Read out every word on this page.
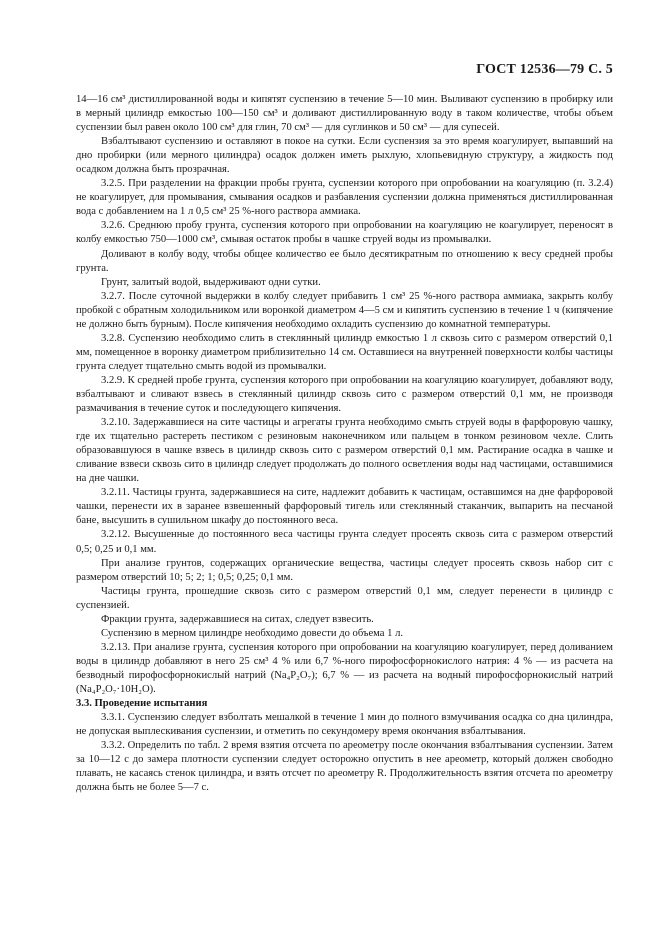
ГОСТ 12536—79 С. 5

14—16 см³ дистиллированной воды и кипятят суспензию в течение 5—10 мин. Выливают суспензию в пробирку или в мерный цилиндр емкостью 100—150 см³ и доливают дистиллированную воду в таком количестве, чтобы объем суспензии был равен около 100 см³ для глин, 70 см³ — для суглинков и 50 см³ — для супесей.

Взбалтывают суспензию и оставляют в покое на сутки. Если суспензия за это время коагулирует, выпавший на дно пробирки (или мерного цилиндра) осадок должен иметь рыхлую, хлопьевидную структуру, а жидкость под осадком должна быть прозрачная.

3.2.5. При разделении на фракции пробы грунта, суспензии которого при опробовании на коагуляцию (п. 3.2.4) не коагулирует, для промывания, смывания осадков и разбавления суспензии должна применяться дистиллированная вода с добавлением на 1 л 0,5 см³ 25 %-ного раствора аммиака.

3.2.6. Среднюю пробу грунта, суспензия которого при опробовании на коагуляцию не коагулирует, переносят в колбу емкостью 750—1000 см³, смывая остаток пробы в чашке струей воды из промывалки.

Доливают в колбу воду, чтобы общее количество ее было десятикратным по отношению к весу средней пробы грунта.

Грунт, залитый водой, выдерживают одни сутки.

3.2.7. После суточной выдержки в колбу следует прибавить 1 см³ 25 %-ного раствора аммиака, закрыть колбу пробкой с обратным холодильником или воронкой диаметром 4—5 см и кипятить суспензию в течение 1 ч (кипячение не должно быть бурным). После кипячения необходимо охладить суспензию до комнатной температуры.

3.2.8. Суспензию необходимо слить в стеклянный цилиндр емкостью 1 л сквозь сито с размером отверстий 0,1 мм, помещенное в воронку диаметром приблизительно 14 см. Оставшиеся на внутренней поверхности колбы частицы грунта следует тщательно смыть водой из промывалки.

3.2.9. К средней пробе грунта, суспензия которого при опробовании на коагуляцию коагулирует, добавляют воду, взбалтывают и сливают взвесь в стеклянный цилиндр сквозь сито с размером отверстий 0,1 мм, не производя размачивания в течение суток и последующего кипячения.

3.2.10. Задержавшиеся на сите частицы и агрегаты грунта необходимо смыть струей воды в фарфоровую чашку, где их тщательно растереть пестиком с резиновым наконечником или пальцем в тонком резиновом чехле. Слить образовавшуюся в чашке взвесь в цилиндр сквозь сито с размером отверстий 0,1 мм. Растирание осадка в чашке и сливание взвеси сквозь сито в цилиндр следует продолжать до полного осветления воды над частицами, оставшимися на дне чашки.

3.2.11. Частицы грунта, задержавшиеся на сите, надлежит добавить к частицам, оставшимся на дне фарфоровой чашки, перенести их в заранее взвешенный фарфоровый тигель или стеклянный стаканчик, выпарить на песчаной бане, высушить в сушильном шкафу до постоянного веса.

3.2.12. Высушенные до постоянного веса частицы грунта следует просеять сквозь сита с размером отверстий 0,5; 0,25 и 0,1 мм.

При анализе грунтов, содержащих органические вещества, частицы следует просеять сквозь набор сит с размером отверстий 10; 5; 2; 1; 0,5; 0,25; 0,1 мм.

Частицы грунта, прошедшие сквозь сито с размером отверстий 0,1 мм, следует перенести в цилиндр с суспензией.

Фракции грунта, задержавшиеся на ситах, следует взвесить.

Суспензию в мерном цилиндре необходимо довести до объема 1 л.

3.2.13. При анализе грунта, суспензия которого при опробовании на коагуляцию коагулирует, перед доливанием воды в цилиндр добавляют в него 25 см³ 4 % или 6,7 %-ного пирофосфорнокислого натрия: 4 % — из расчета на безводный пирофосфорнокислый натрий (Na₄P₂O₇); 6,7 % — из расчета на водный пирофосфорнокислый натрий (Na₄P₂O₇·10H₂O).

3.3. Проведение испытания

3.3.1. Суспензию следует взболтать мешалкой в течение 1 мин до полного взмучивания осадка со дна цилиндра, не допуская выплескивания суспензии, и отметить по секундомеру время окончания взбалтывания.

3.3.2. Определить по табл. 2 время взятия отсчета по ареометру после окончания взбалтывания суспензии. Затем за 10—12 с до замера плотности суспензии следует осторожно опустить в нее ареометр, который должен свободно плавать, не касаясь стенок цилиндра, и взять отсчет по ареометру R. Продолжительность взятия отсчета по ареометру должна быть не более 5—7 с.
